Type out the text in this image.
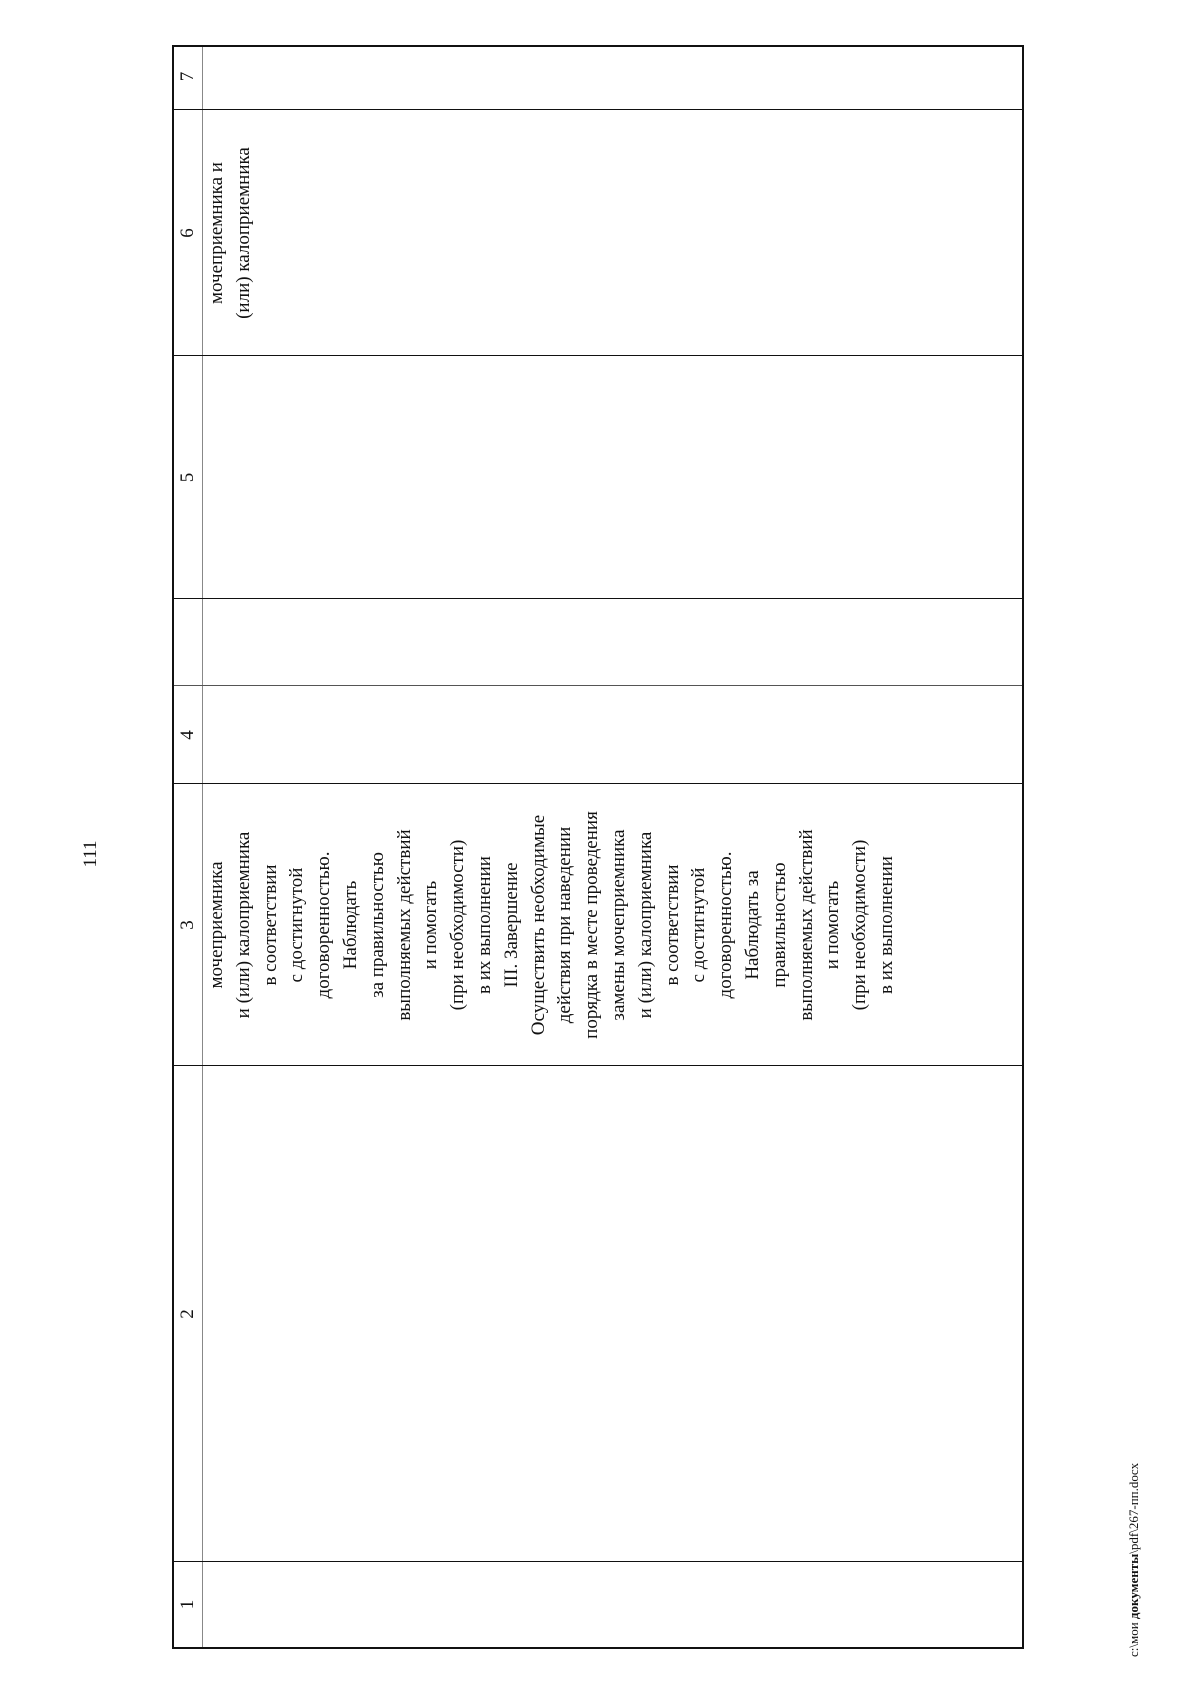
111
1
2
3
4
5
6
7
мочеприемника и (или) калоприемника в соответствии с достигнутой договоренностью. Наблюдать за правильностью выполняемых действий и помогать (при необходимости) в их выполнении III. Завершение Осуществить необходимые действия при наведении порядка в месте проведения замены мочеприемника и (или) калоприемника в соответствии с достигнутой договоренностью. Наблюдать за правильностью выполняемых действий и помогать (при необходимости) в их выполнении
мочеприемника и (или) калоприемника
c:\мои документы\pdf\267-пп.docx
